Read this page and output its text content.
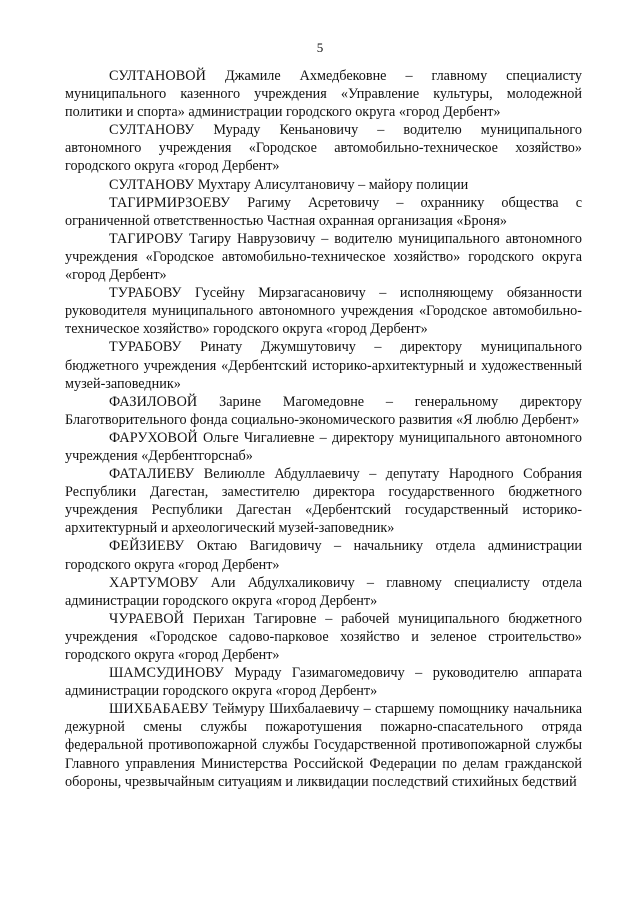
5

СУЛТАНОВОЙ Джамиле Ахмедбековне – главному специалисту муниципального казенного учреждения «Управление культуры, молодежной политики и спорта» администрации городского округа «город Дербент»

СУЛТАНОВУ Мураду Кеньановичу – водителю муниципального автономного учреждения «Городское автомобильно-техническое хозяйство» городского округа «город Дербент»

СУЛТАНОВУ Мухтару Алисултановичу – майору полиции

ТАГИРМИРЗОЕВУ Рагиму Асретовичу – охраннику общества с ограниченной ответственностью Частная охранная организация «Броня»

ТАГИРОВУ Тагиру Наврузовичу – водителю муниципального автономного учреждения «Городское автомобильно-техническое хозяйство» городского округа «город Дербент»

ТУРАБОВУ Гусейну Мирзагасановичу – исполняющему обязанности руководителя муниципального автономного учреждения «Городское автомобильно-техническое хозяйство» городского округа «город Дербент»

ТУРАБОВУ Ринату Джумшутовичу – директору муниципального бюджетного учреждения «Дербентский историко-архитектурный и художественный музей-заповедник»

ФАЗИЛОВОЙ Зарине Магомедовне – генеральному директору Благотворительного фонда социально-экономического развития «Я люблю Дербент»

ФАРУХОВОЙ Ольге Чигалиевне – директору муниципального автономного учреждения «Дербентгорснаб»

ФАТАЛИЕВУ Велиюлле Абдуллаевичу – депутату Народного Собрания Республики Дагестан, заместителю директора государственного бюджетного учреждения Республики Дагестан «Дербентский государственный историко-архитектурный и археологический музей-заповедник»

ФЕЙЗИЕВУ Октаю Вагидовичу – начальнику отдела администрации городского округа «город Дербент»

ХАРТУМОВУ Али Абдулхаликовичу – главному специалисту отдела администрации городского округа «город Дербент»

ЧУРАЕВОЙ Перихан Тагировне – рабочей муниципального бюджетного учреждения «Городское садово-парковое хозяйство и зеленое строительство» городского округа «город Дербент»

ШАМСУДИНОВУ Мураду Газимагомедовичу – руководителю аппарата администрации городского округа «город Дербент»

ШИХБАБАЕВУ Теймуру Шихбалаевичу – старшему помощнику начальника дежурной смены службы пожаротушения пожарно-спасательного отряда федеральной противопожарной службы Государственной противопожарной службы Главного управления Министерства Российской Федерации по делам гражданской обороны, чрезвычайным ситуациям и ликвидации последствий стихийных бедствий
